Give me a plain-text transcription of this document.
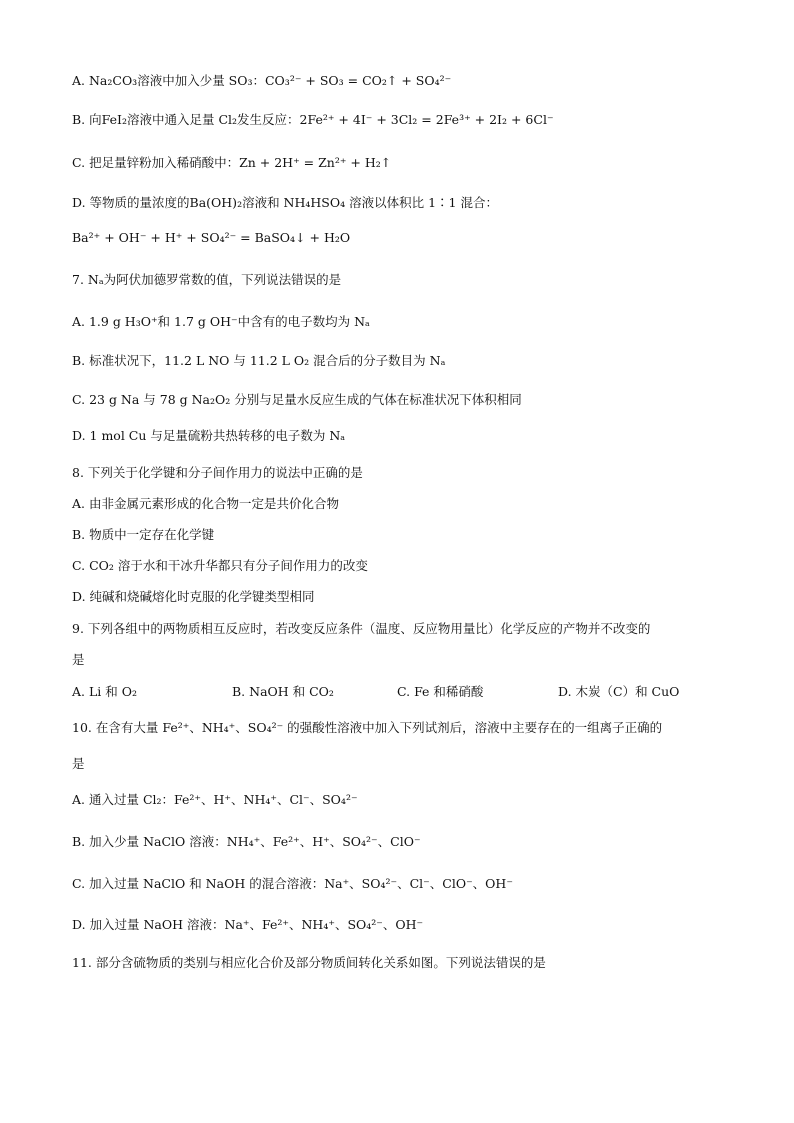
A. Na₂CO₃溶液中加入少量 SO₃：CO₃²⁻ + SO₃ = CO₂↑ + SO₄²⁻
B. 向FeI₂溶液中通入足量 Cl₂发生反应：2Fe²⁺ + 4I⁻ + 3Cl₂ = 2Fe³⁺ + 2I₂ + 6Cl⁻
C. 把足量锌粉加入稀硝酸中：Zn + 2H⁺ = Zn²⁺ + H₂↑
D. 等物质的量浓度的Ba(OH)₂溶液和 NH₄HSO₄ 溶液以体积比 1∶1 混合：
Ba²⁺ + OH⁻ + H⁺ + SO₄²⁻ = BaSO₄↓ + H₂O
7. Nₐ为阿伏加德罗常数的值，下列说法错误的是
A. 1.9 g H₃O⁺和 1.7 g OH⁻中含有的电子数均为 Nₐ
B. 标准状况下，11.2 L NO 与 11.2 L O₂ 混合后的分子数目为 Nₐ
C. 23 g Na 与 78 g Na₂O₂ 分别与足量水反应生成的气体在标准状况下体积相同
D. 1 mol Cu 与足量硫粉共热转移的电子数为 Nₐ
8. 下列关于化学键和分子间作用力的说法中正确的是
A. 由非金属元素形成的化合物一定是共价化合物
B. 物质中一定存在化学键
C. CO₂ 溶于水和干冰升华都只有分子间作用力的改变
D. 纯碱和烧碱熔化时克服的化学键类型相同
9. 下列各组中的两物质相互反应时，若改变反应条件（温度、反应物用量比）化学反应的产物并不改变的
是
A. Li 和 O₂	B. NaOH 和 CO₂	C. Fe 和稀硝酸	D. 木炭（C）和 CuO
10. 在含有大量 Fe²⁺、NH₄⁺、SO₄²⁻ 的强酸性溶液中加入下列试剂后，溶液中主要存在的一组离子正确的
是
A. 通入过量 Cl₂：Fe²⁺、H⁺、NH₄⁺、Cl⁻、SO₄²⁻
B. 加入少量 NaClO 溶液：NH₄⁺、Fe²⁺、H⁺、SO₄²⁻、ClO⁻
C. 加入过量 NaClO 和 NaOH 的混合溶液：Na⁺、SO₄²⁻、Cl⁻、ClO⁻、OH⁻
D. 加入过量 NaOH 溶液：Na⁺、Fe²⁺、NH₄⁺、SO₄²⁻、OH⁻
11. 部分含硫物质的类别与相应化合价及部分物质间转化关系如图。下列说法错误的是
